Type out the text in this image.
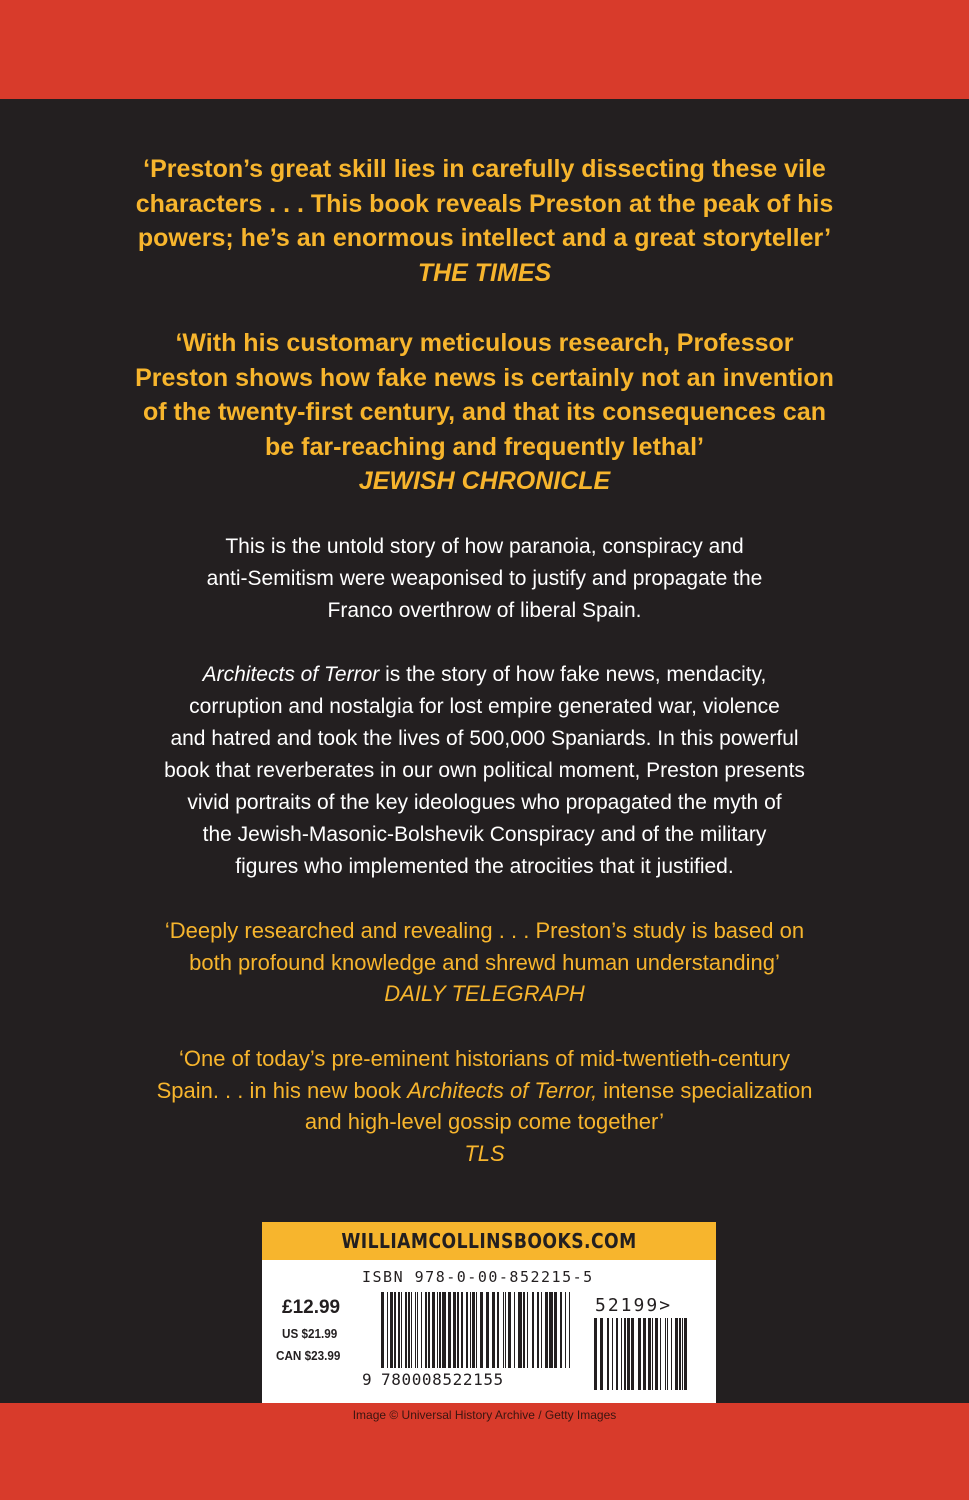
‘Preston’s great skill lies in carefully dissecting these vile
characters . . . This book reveals Preston at the peak of his
powers; he’s an enormous intellect and a great storyteller’
THE TIMES
‘With his customary meticulous research, Professor
Preston shows how fake news is certainly not an invention
of the twenty-first century, and that its consequences can
be far-reaching and frequently lethal’
JEWISH CHRONICLE
This is the untold story of how paranoia, conspiracy and
anti-Semitism were weaponised to justify and propagate the
Franco overthrow of liberal Spain.
Architects of Terror is the story of how fake news, mendacity,
corruption and nostalgia for lost empire generated war, violence
and hatred and took the lives of 500,000 Spaniards. In this powerful
book that reverberates in our own political moment, Preston presents
vivid portraits of the key ideologues who propagated the myth of
the Jewish-Masonic-Bolshevik Conspiracy and of the military
figures who implemented the atrocities that it justified.
‘Deeply researched and revealing . . . Preston’s study is based on
both profound knowledge and shrewd human understanding’
DAILY TELEGRAPH
‘One of today’s pre-eminent historians of mid-twentieth-century
Spain. . . in his new book Architects of Terror, intense specialization
and high-level gossip come together’
TLS
WILLIAMCOLLINSBOOKS.COM
ISBN 978-0-00-852215-5
£12.99
US $21.99
CAN $23.99
9 780008522155
52199>
Image © Universal History Archive / Getty Images
